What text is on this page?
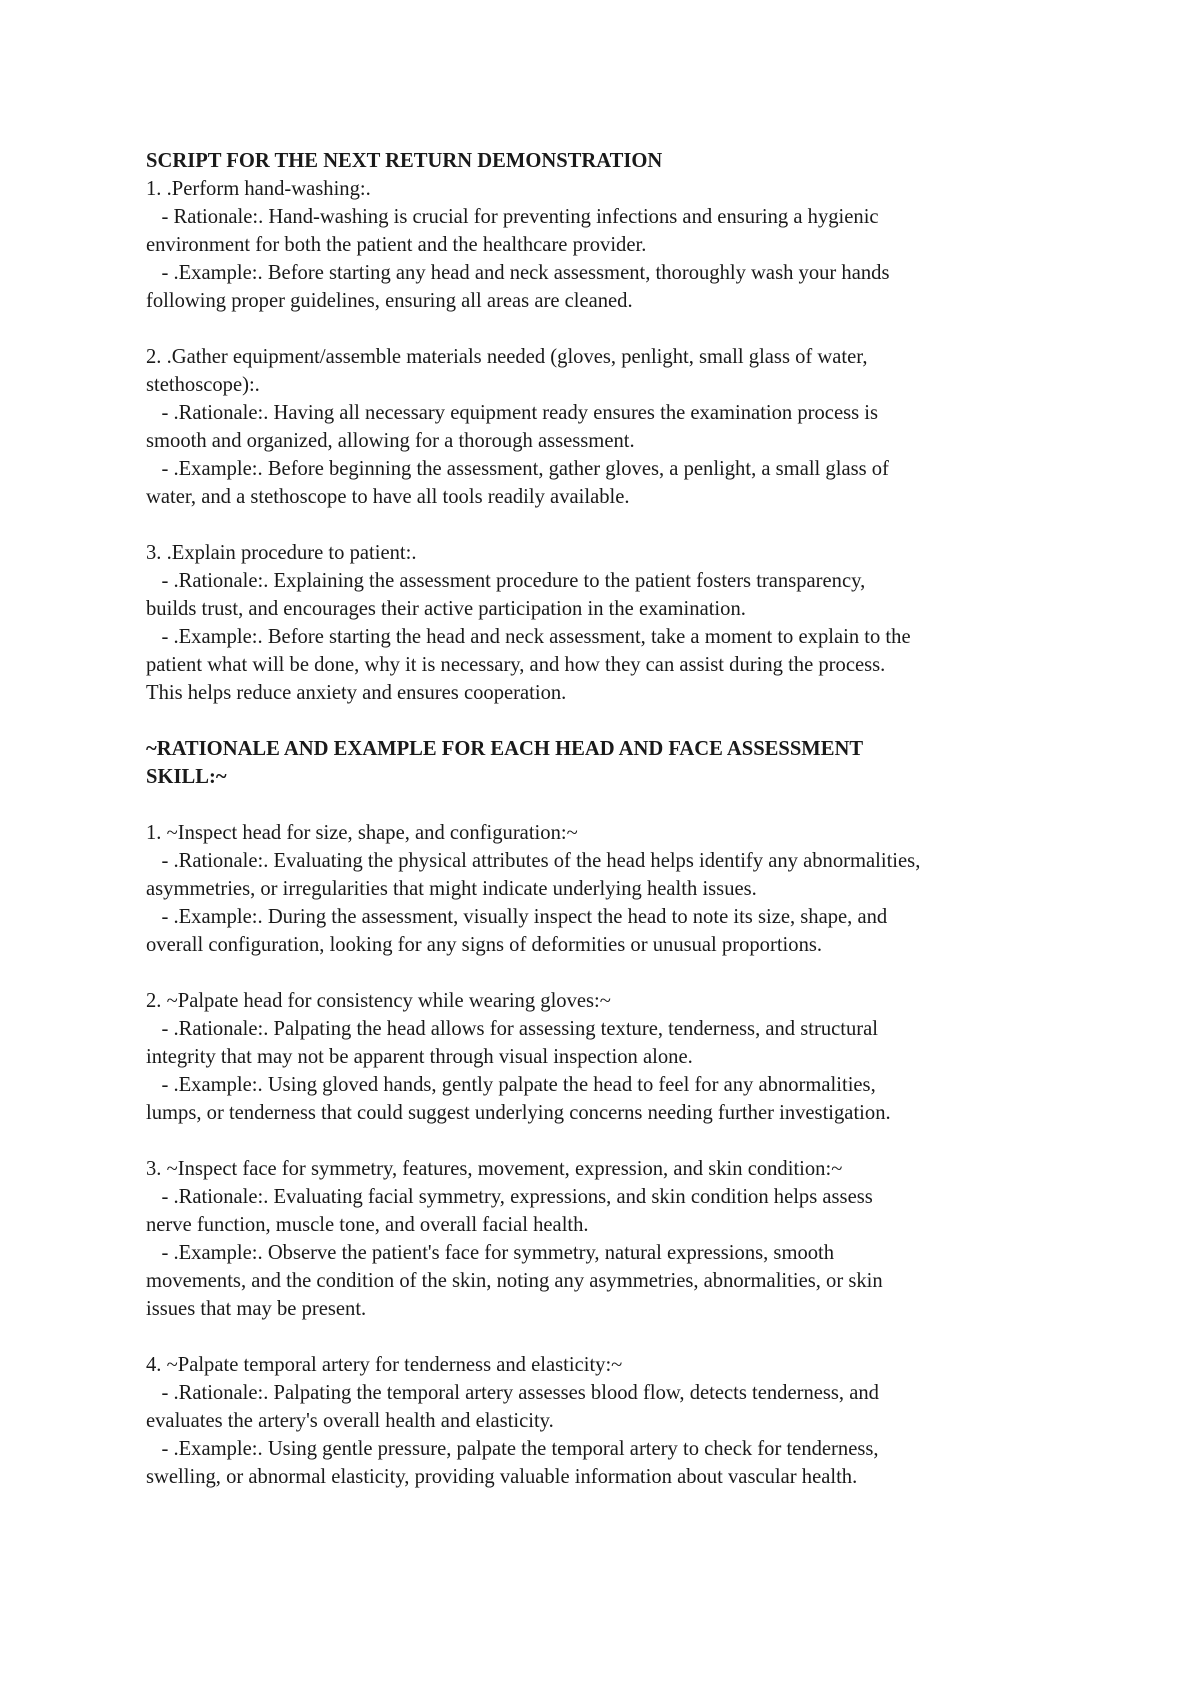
SCRIPT FOR THE NEXT RETURN DEMONSTRATION
1. .Perform hand-washing:.
- Rationale:. Hand-washing is crucial for preventing infections and ensuring a hygienic
environment for both the patient and the healthcare provider.
- .Example:. Before starting any head and neck assessment, thoroughly wash your hands
following proper guidelines, ensuring all areas are cleaned.
2. .Gather equipment/assemble materials needed (gloves, penlight, small glass of water,
stethoscope):.
- .Rationale:. Having all necessary equipment ready ensures the examination process is
smooth and organized, allowing for a thorough assessment.
- .Example:. Before beginning the assessment, gather gloves, a penlight, a small glass of
water, and a stethoscope to have all tools readily available.
3. .Explain procedure to patient:.
- .Rationale:. Explaining the assessment procedure to the patient fosters transparency,
builds trust, and encourages their active participation in the examination.
- .Example:. Before starting the head and neck assessment, take a moment to explain to the
patient what will be done, why it is necessary, and how they can assist during the process.
This helps reduce anxiety and ensures cooperation.
~RATIONALE AND EXAMPLE FOR EACH HEAD AND FACE ASSESSMENT
SKILL:~
1. ~Inspect head for size, shape, and configuration:~
- .Rationale:. Evaluating the physical attributes of the head helps identify any abnormalities,
asymmetries, or irregularities that might indicate underlying health issues.
- .Example:. During the assessment, visually inspect the head to note its size, shape, and
overall configuration, looking for any signs of deformities or unusual proportions.
2. ~Palpate head for consistency while wearing gloves:~
- .Rationale:. Palpating the head allows for assessing texture, tenderness, and structural
integrity that may not be apparent through visual inspection alone.
- .Example:. Using gloved hands, gently palpate the head to feel for any abnormalities,
lumps, or tenderness that could suggest underlying concerns needing further investigation.
3. ~Inspect face for symmetry, features, movement, expression, and skin condition:~
- .Rationale:. Evaluating facial symmetry, expressions, and skin condition helps assess
nerve function, muscle tone, and overall facial health.
- .Example:. Observe the patient's face for symmetry, natural expressions, smooth
movements, and the condition of the skin, noting any asymmetries, abnormalities, or skin
issues that may be present.
4. ~Palpate temporal artery for tenderness and elasticity:~
- .Rationale:. Palpating the temporal artery assesses blood flow, detects tenderness, and
evaluates the artery's overall health and elasticity.
- .Example:. Using gentle pressure, palpate the temporal artery to check for tenderness,
swelling, or abnormal elasticity, providing valuable information about vascular health.
